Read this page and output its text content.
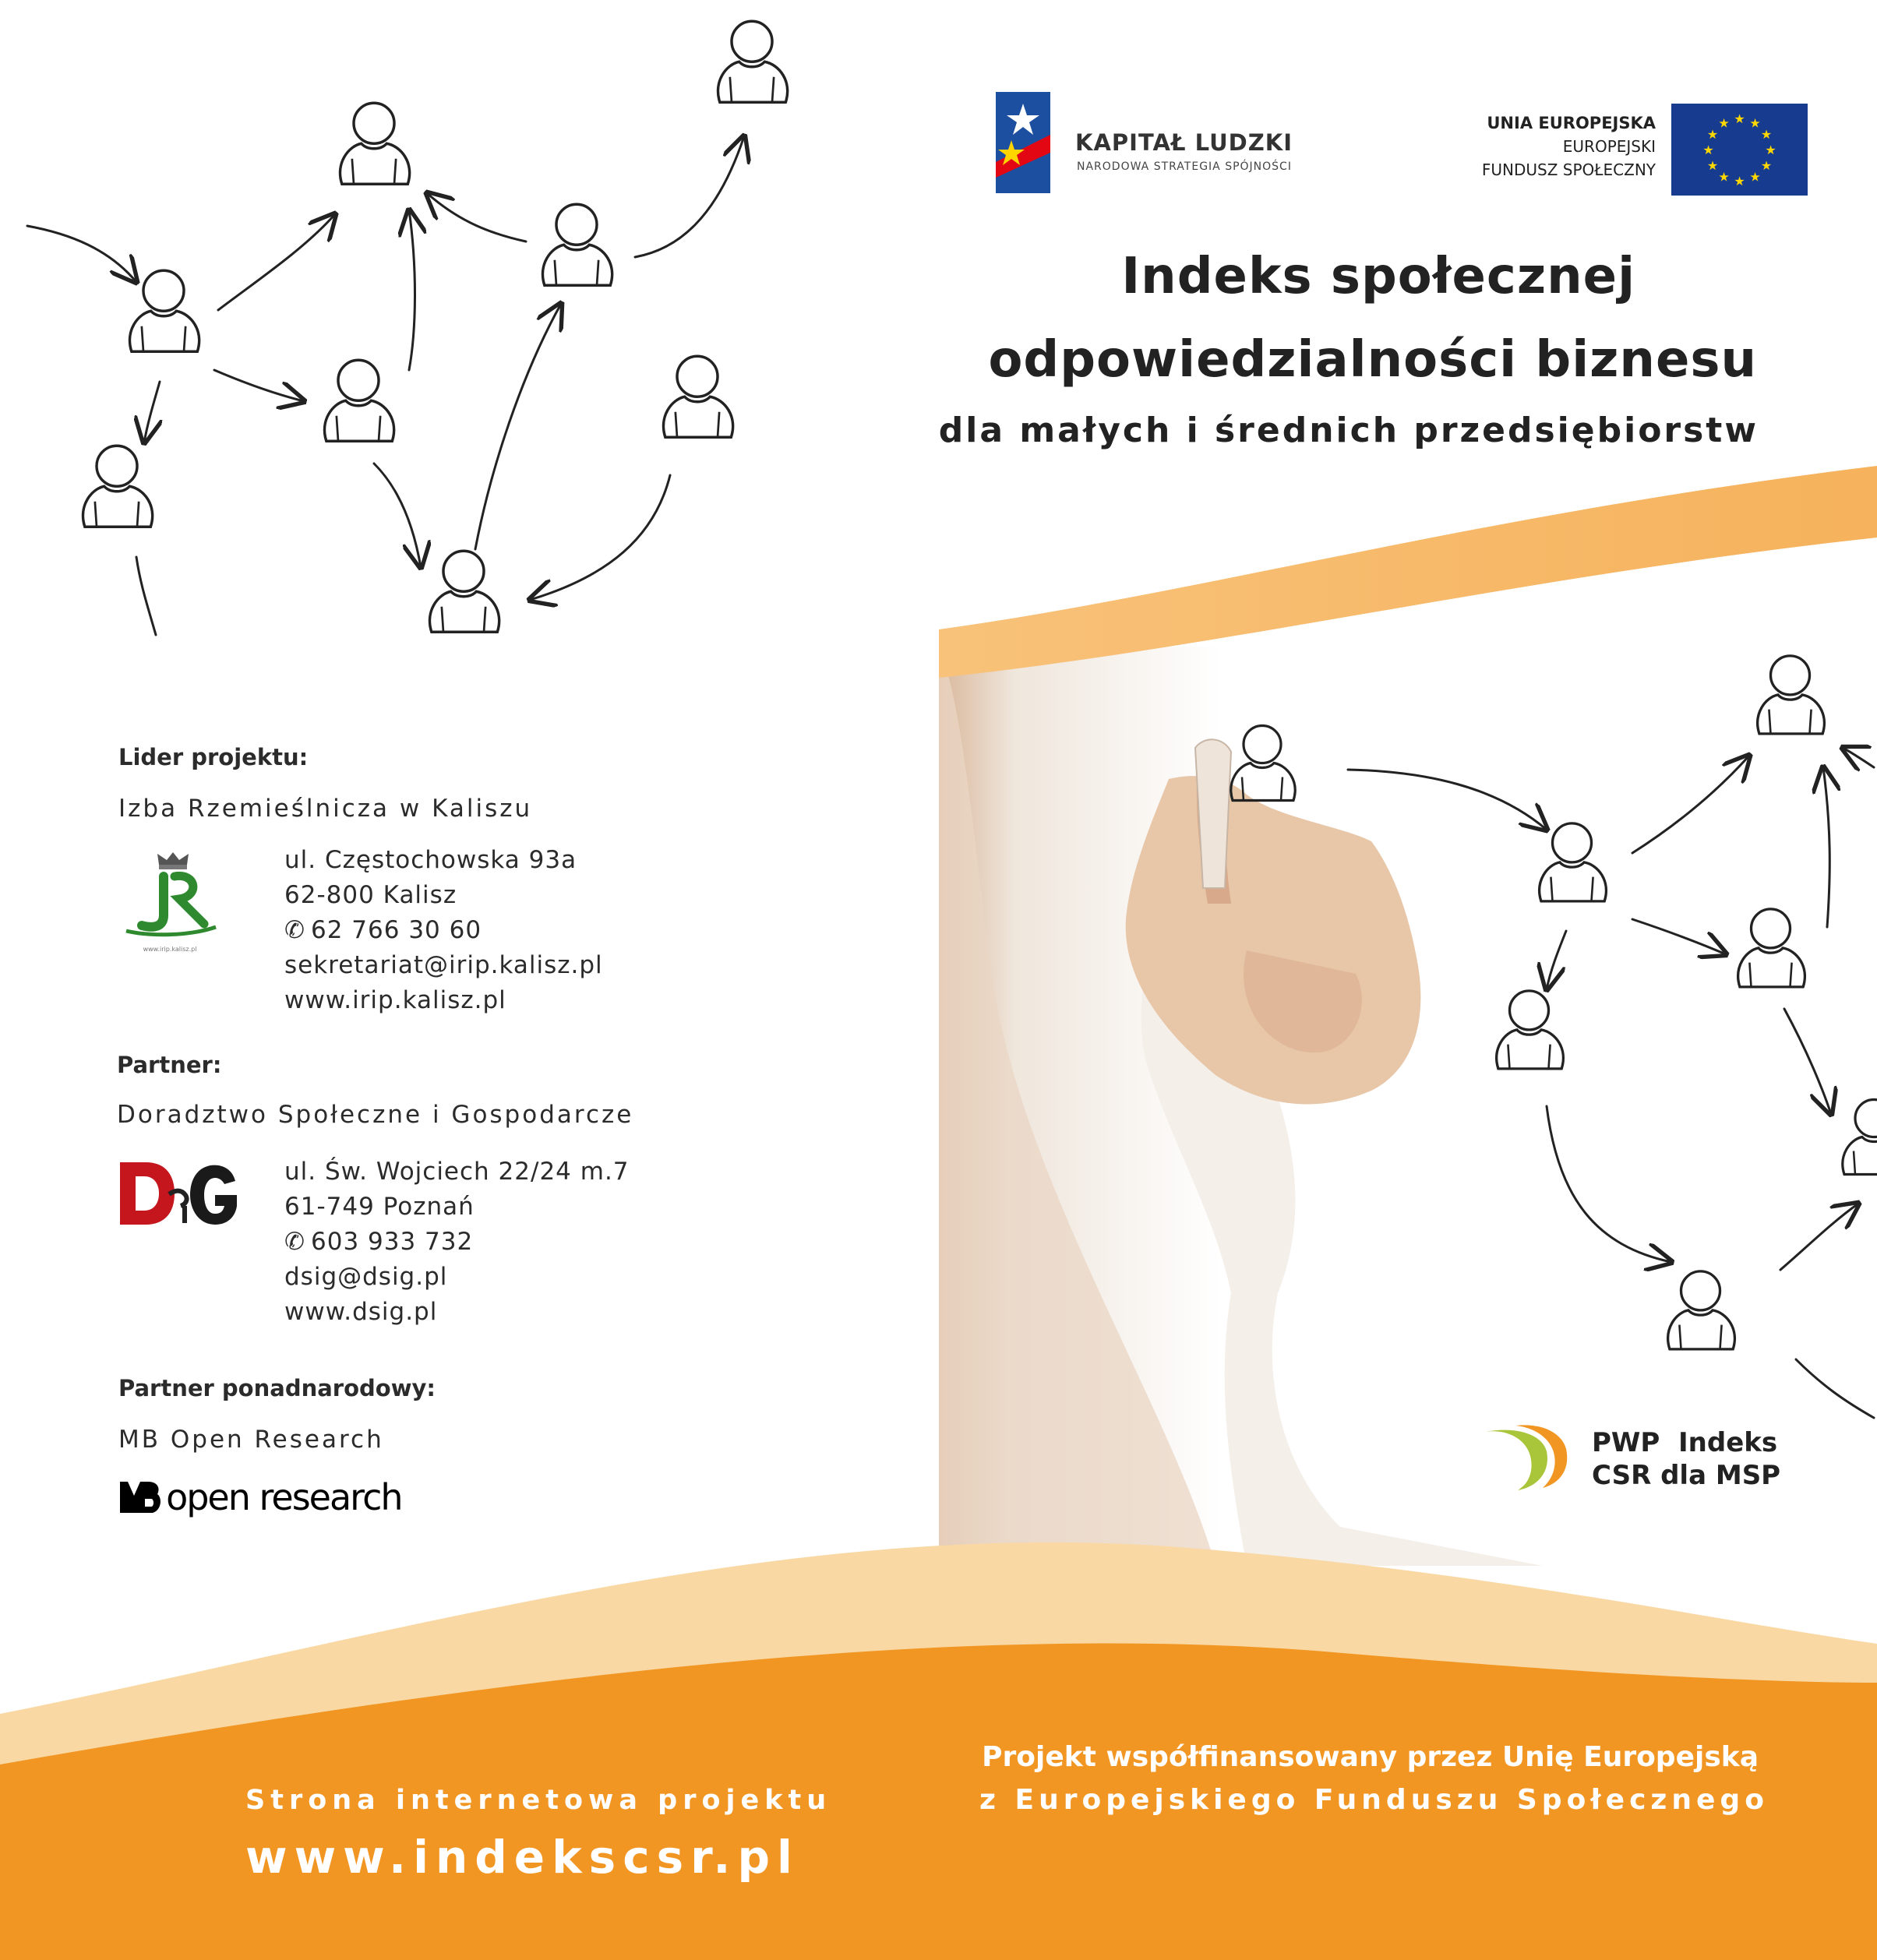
KAPITAŁ LUDZKI
NARODOWA STRATEGIA SPÓJNOŚCI
UNIA EUROPEJSKA
EUROPEJSKI
FUNDUSZ SPOŁECZNY
★ ★
★
★
★
★
★
★
★
★
★
★
Indeks społecznej
odpowiedzialności biznesu
dla małych i średnich przedsiębiorstw
Lider projektu:
Izba Rzemieślnicza w Kaliszu
www.irip.kalisz.pl
ul. Częstochowska 93a
62-800 Kalisz
✆ 62 766 30 60
sekretariat@irip.kalisz.pl
www.irip.kalisz.pl
Partner:
Doradztwo Społeczne i Gospodarcze
ul. Św. Wojciech 22/24 m.7
61-749 Poznań
✆ 603 933 732
dsig@dsig.pl
www.dsig.pl
Partner ponadnarodowy:
MB Open Research
open research
PWP  Indeks
CSR dla MSP
Strona internetowa projektu
www.indekscsr.pl
Projekt współfinansowany przez Unię Europejską
z Europejskiego Funduszu Społecznego
